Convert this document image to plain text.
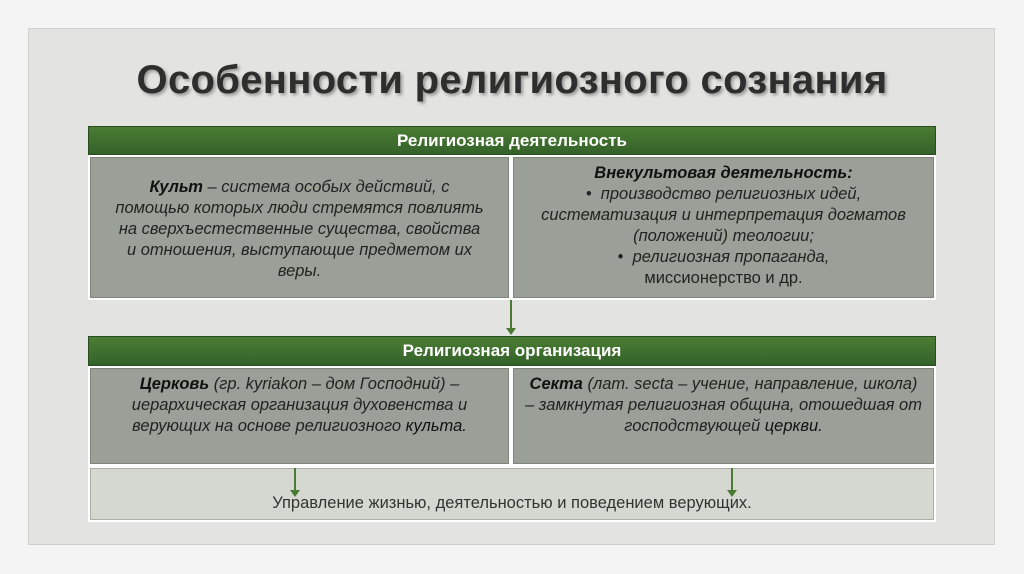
Особенности религиозного сознания
Религиозная деятельность
Культ – система особых действий, с помощью которых люди стремятся повлиять на сверхъестественные существа, свойства и отношения, выступающие предметом их веры.
Внекультовая деятельность:
•  производство религиозных идей, систематизация и интерпретация догматов (положений) теологии;
•  религиозная пропаганда,
миссионерство и др.
Религиозная организация
Церковь (гр. kyriakon – дом Господний) – иерархическая организация духовенства и верующих на основе религиозного культа.
Секта (лат. secta – учение, направление, школа) – замкнутая религиозная община, отошедшая от господствующей церкви.
Управление жизнью, деятельностью и поведением верующих.
